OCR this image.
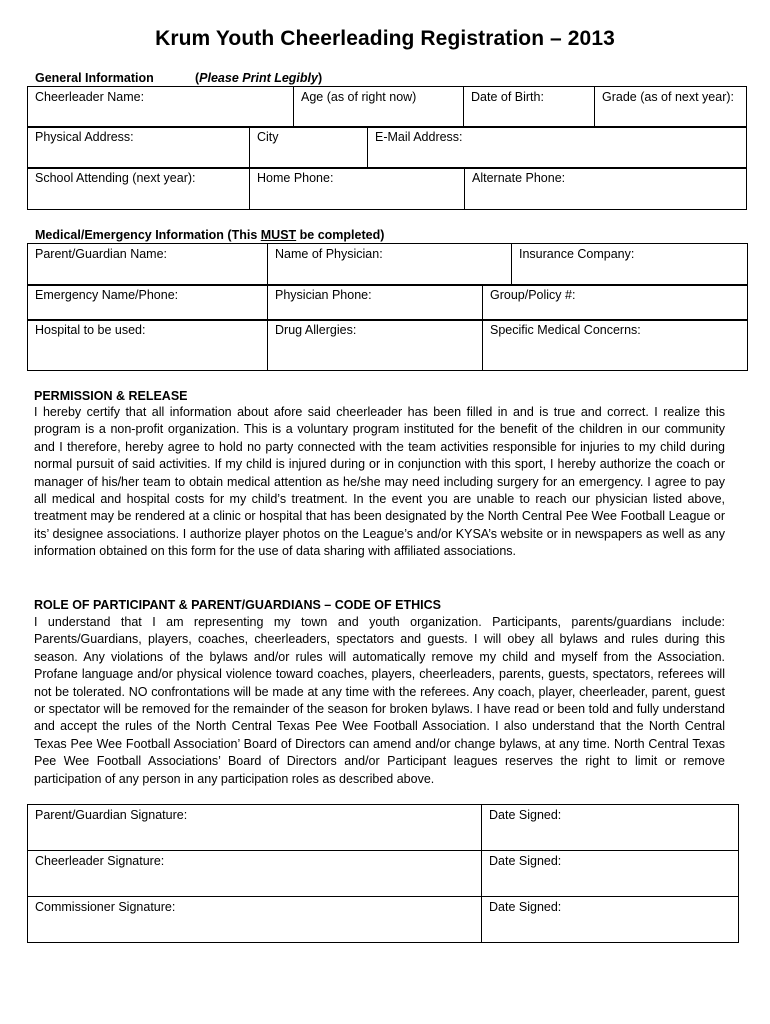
Krum Youth Cheerleading Registration – 2013
General Information	(Please Print Legibly)
Cheerleader Name:	Age (as of right now)	Date of Birth:	Grade (as of next year):
Physical Address:	City	E-Mail Address:
School Attending (next year):	Home Phone:	Alternate Phone:
Medical/Emergency Information (This MUST be completed)
Parent/Guardian Name:	Name of Physician:	Insurance Company:
Emergency Name/Phone:	Physician Phone:	Group/Policy #:
Hospital to be used:	Drug Allergies:	Specific Medical Concerns:
PERMISSION & RELEASE
I hereby certify that all information about afore said cheerleader has been filled in and is true and correct. I realize this program is a non-profit organization. This is a voluntary program instituted for the benefit of the children in our community and I therefore, hereby agree to hold no party connected with the team activities responsible for injuries to my child during normal pursuit of said activities. If my child is injured during or in conjunction with this sport, I hereby authorize the coach or manager of his/her team to obtain medical attention as he/she may need including surgery for an emergency. I agree to pay all medical and hospital costs for my child’s treatment. In the event you are unable to reach our physician listed above, treatment may be rendered at a clinic or hospital that has been designated by the North Central Pee Wee Football League or its’ designee associations. I authorize player photos on the League’s and/or KYSA’s website or in newspapers as well as any information obtained on this form for the use of data sharing with affiliated associations.
ROLE OF PARTICIPANT & PARENT/GUARDIANS – CODE OF ETHICS
I understand that I am representing my town and youth organization. Participants, parents/guardians include: Parents/Guardians, players, coaches, cheerleaders, spectators and guests. I will obey all bylaws and rules during this season. Any violations of the bylaws and/or rules will automatically remove my child and myself from the Association. Profane language and/or physical violence toward coaches, players, cheerleaders, parents, guests, spectators, referees will not be tolerated. NO confrontations will be made at any time with the referees. Any coach, player, cheerleader, parent, guest or spectator will be removed for the remainder of the season for broken bylaws. I have read or been told and fully understand and accept the rules of the North Central Texas Pee Wee Football Association. I also understand that the North Central Texas Pee Wee Football Association’ Board of Directors can amend and/or change bylaws, at any time. North Central Texas Pee Wee Football Associations’ Board of Directors and/or Participant leagues reserves the right to limit or remove participation of any person in any participation roles as described above.
Parent/Guardian Signature:	Date Signed:
Cheerleader Signature:	Date Signed:
Commissioner Signature:	Date Signed:
